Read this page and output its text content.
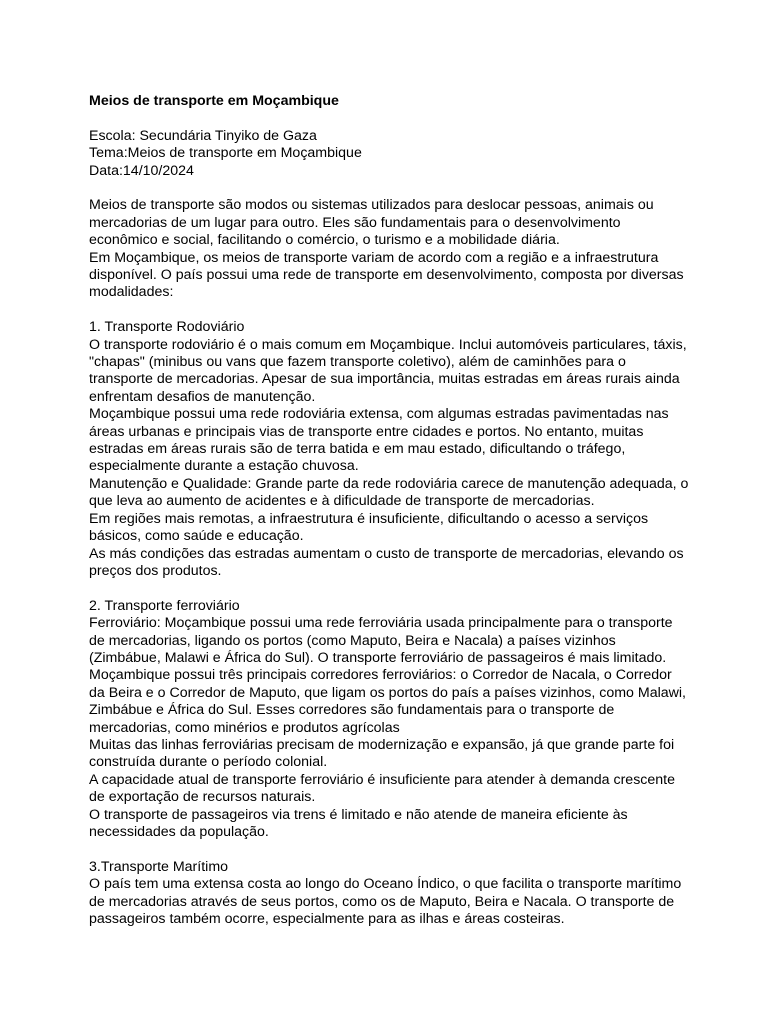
Meios de transporte em Moçambique

Escola: Secundária Tinyiko de Gaza

Tema:Meios de transporte em Moçambique

Data:14/10/2024

Meios de transporte são modos ou sistemas utilizados para deslocar pessoas, animais ou mercadorias de um lugar para outro. Eles são fundamentais para o desenvolvimento econômico e social, facilitando o comércio, o turismo e a mobilidade diária.

Em Moçambique, os meios de transporte variam de acordo com a região e a infraestrutura disponível. O país possui uma rede de transporte em desenvolvimento, composta por diversas modalidades:

1. Transporte Rodoviário

O transporte rodoviário é o mais comum em Moçambique. Inclui automóveis particulares, táxis, "chapas" (minibus ou vans que fazem transporte coletivo), além de caminhões para o transporte de mercadorias. Apesar de sua importância, muitas estradas em áreas rurais ainda enfrentam desafios de manutenção.

Moçambique possui uma rede rodoviária extensa, com algumas estradas pavimentadas nas áreas urbanas e principais vias de transporte entre cidades e portos. No entanto, muitas estradas em áreas rurais são de terra batida e em mau estado, dificultando o tráfego, especialmente durante a estação chuvosa.

Manutenção e Qualidade: Grande parte da rede rodoviária carece de manutenção adequada, o que leva ao aumento de acidentes e à dificuldade de transporte de mercadorias.

Em regiões mais remotas, a infraestrutura é insuficiente, dificultando o acesso a serviços básicos, como saúde e educação.

As más condições das estradas aumentam o custo de transporte de mercadorias, elevando os preços dos produtos.

2. Transporte ferroviário

Ferroviário: Moçambique possui uma rede ferroviária usada principalmente para o transporte de mercadorias, ligando os portos (como Maputo, Beira e Nacala) a países vizinhos (Zimbábue, Malawi e África do Sul). O transporte ferroviário de passageiros é mais limitado.

Moçambique possui três principais corredores ferroviários: o Corredor de Nacala, o Corredor da Beira e o Corredor de Maputo, que ligam os portos do país a países vizinhos, como Malawi, Zimbábue e África do Sul. Esses corredores são fundamentais para o transporte de mercadorias, como minérios e produtos agrícolas

Muitas das linhas ferroviárias precisam de modernização e expansão, já que grande parte foi construída durante o período colonial.

A capacidade atual de transporte ferroviário é insuficiente para atender à demanda crescente de exportação de recursos naturais.

O transporte de passageiros via trens é limitado e não atende de maneira eficiente às necessidades da população.

3.Transporte Marítimo

O país tem uma extensa costa ao longo do Oceano Índico, o que facilita o transporte marítimo de mercadorias através de seus portos, como os de Maputo, Beira e Nacala. O transporte de passageiros também ocorre, especialmente para as ilhas e áreas costeiras.
